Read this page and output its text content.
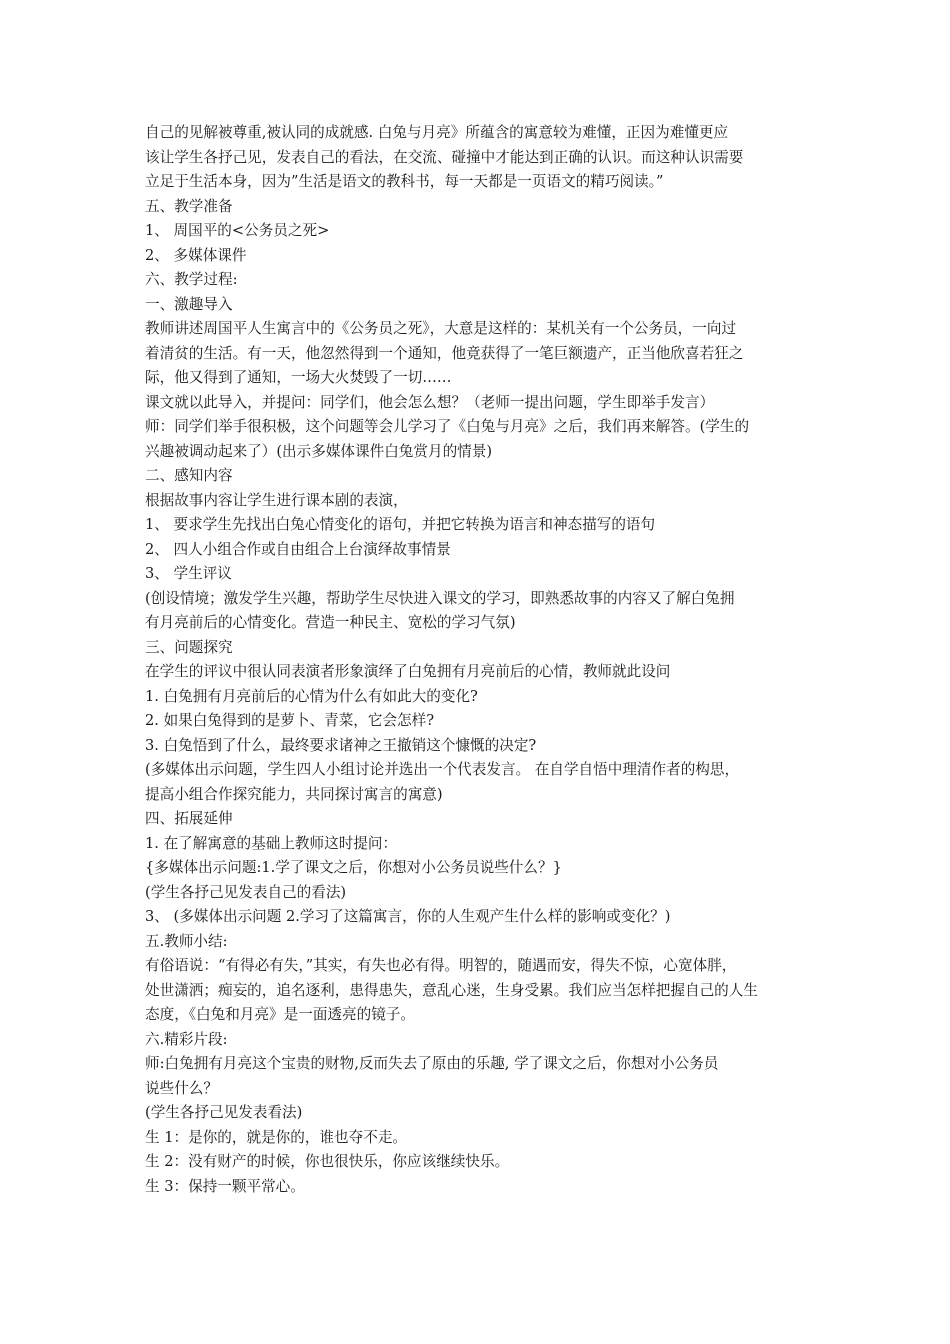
自己的见解被尊重,被认同的成就感. 白兔与月亮》所蕴含的寓意较为难懂，正因为难懂更应
该让学生各抒己见，发表自己的看法，在交流、碰撞中才能达到正确的认识。而这种认识需要
立足于生活本身，因为”生活是语文的教科书，每一天都是一页语文的精巧阅读。”
五、教学准备
1、 周国平的<公务员之死>
2、 多媒体课件
六、教学过程:
一、激趣导入
教师讲述周国平人生寓言中的《公务员之死》，大意是这样的：某机关有一个公务员，一向过
着清贫的生活。有一天，他忽然得到一个通知，他竟获得了一笔巨额遗产，正当他欣喜若狂之
际，他又得到了通知，一场大火焚毁了一切……
课文就以此导入，并提问：同学们，他会怎么想？（老师一提出问题，学生即举手发言）
师：同学们举手很积极，这个问题等会儿学习了《白兔与月亮》之后，我们再来解答。(学生的
兴趣被调动起来了）(出示多媒体课件白兔赏月的情景)
二、感知内容
根据故事内容让学生进行课本剧的表演，
1、 要求学生先找出白兔心情变化的语句，并把它转换为语言和神态描写的语句
2、 四人小组合作或自由组合上台演绎故事情景
3、 学生评议
(创设情境；激发学生兴趣，帮助学生尽快进入课文的学习，即熟悉故事的内容又了解白兔拥
有月亮前后的心情变化。营造一种民主、宽松的学习气氛)
三、问题探究
在学生的评议中很认同表演者形象演绎了白兔拥有月亮前后的心情，教师就此设问
1. 白兔拥有月亮前后的心情为什么有如此大的变化?
2. 如果白兔得到的是萝卜、青菜，它会怎样?
3. 白兔悟到了什么，最终要求诸神之王撤销这个慷慨的决定?
(多媒体出示问题，学生四人小组讨论并选出一个代表发言。 在自学自悟中理清作者的构思，
提高小组合作探究能力，共同探讨寓言的寓意)
四、拓展延伸
1. 在了解寓意的基础上教师这时提问：
{多媒体出示问题:1.学了课文之后，你想对小公务员说些什么？}
(学生各抒己见发表自己的看法)
3、 (多媒体出示问题 2.学习了这篇寓言，你的人生观产生什么样的影响或变化？)
五.教师小结:
有俗语说：“有得必有失，”其实，有失也必有得。明智的，随遇而安，得失不惊，心宽体胖，
处世潇洒；痴妄的，追名逐利，患得患失，意乱心迷，生身受累。我们应当怎样把握自己的人生
态度，《白兔和月亮》是一面透亮的镜子。
六.精彩片段:
师:白兔拥有月亮这个宝贵的财物,反而失去了原由的乐趣, 学了课文之后，你想对小公务员
说些什么？
(学生各抒己见发表看法)
生 1：是你的，就是你的，谁也夺不走。
生 2：没有财产的时候，你也很快乐，你应该继续快乐。
生 3：保持一颗平常心。
